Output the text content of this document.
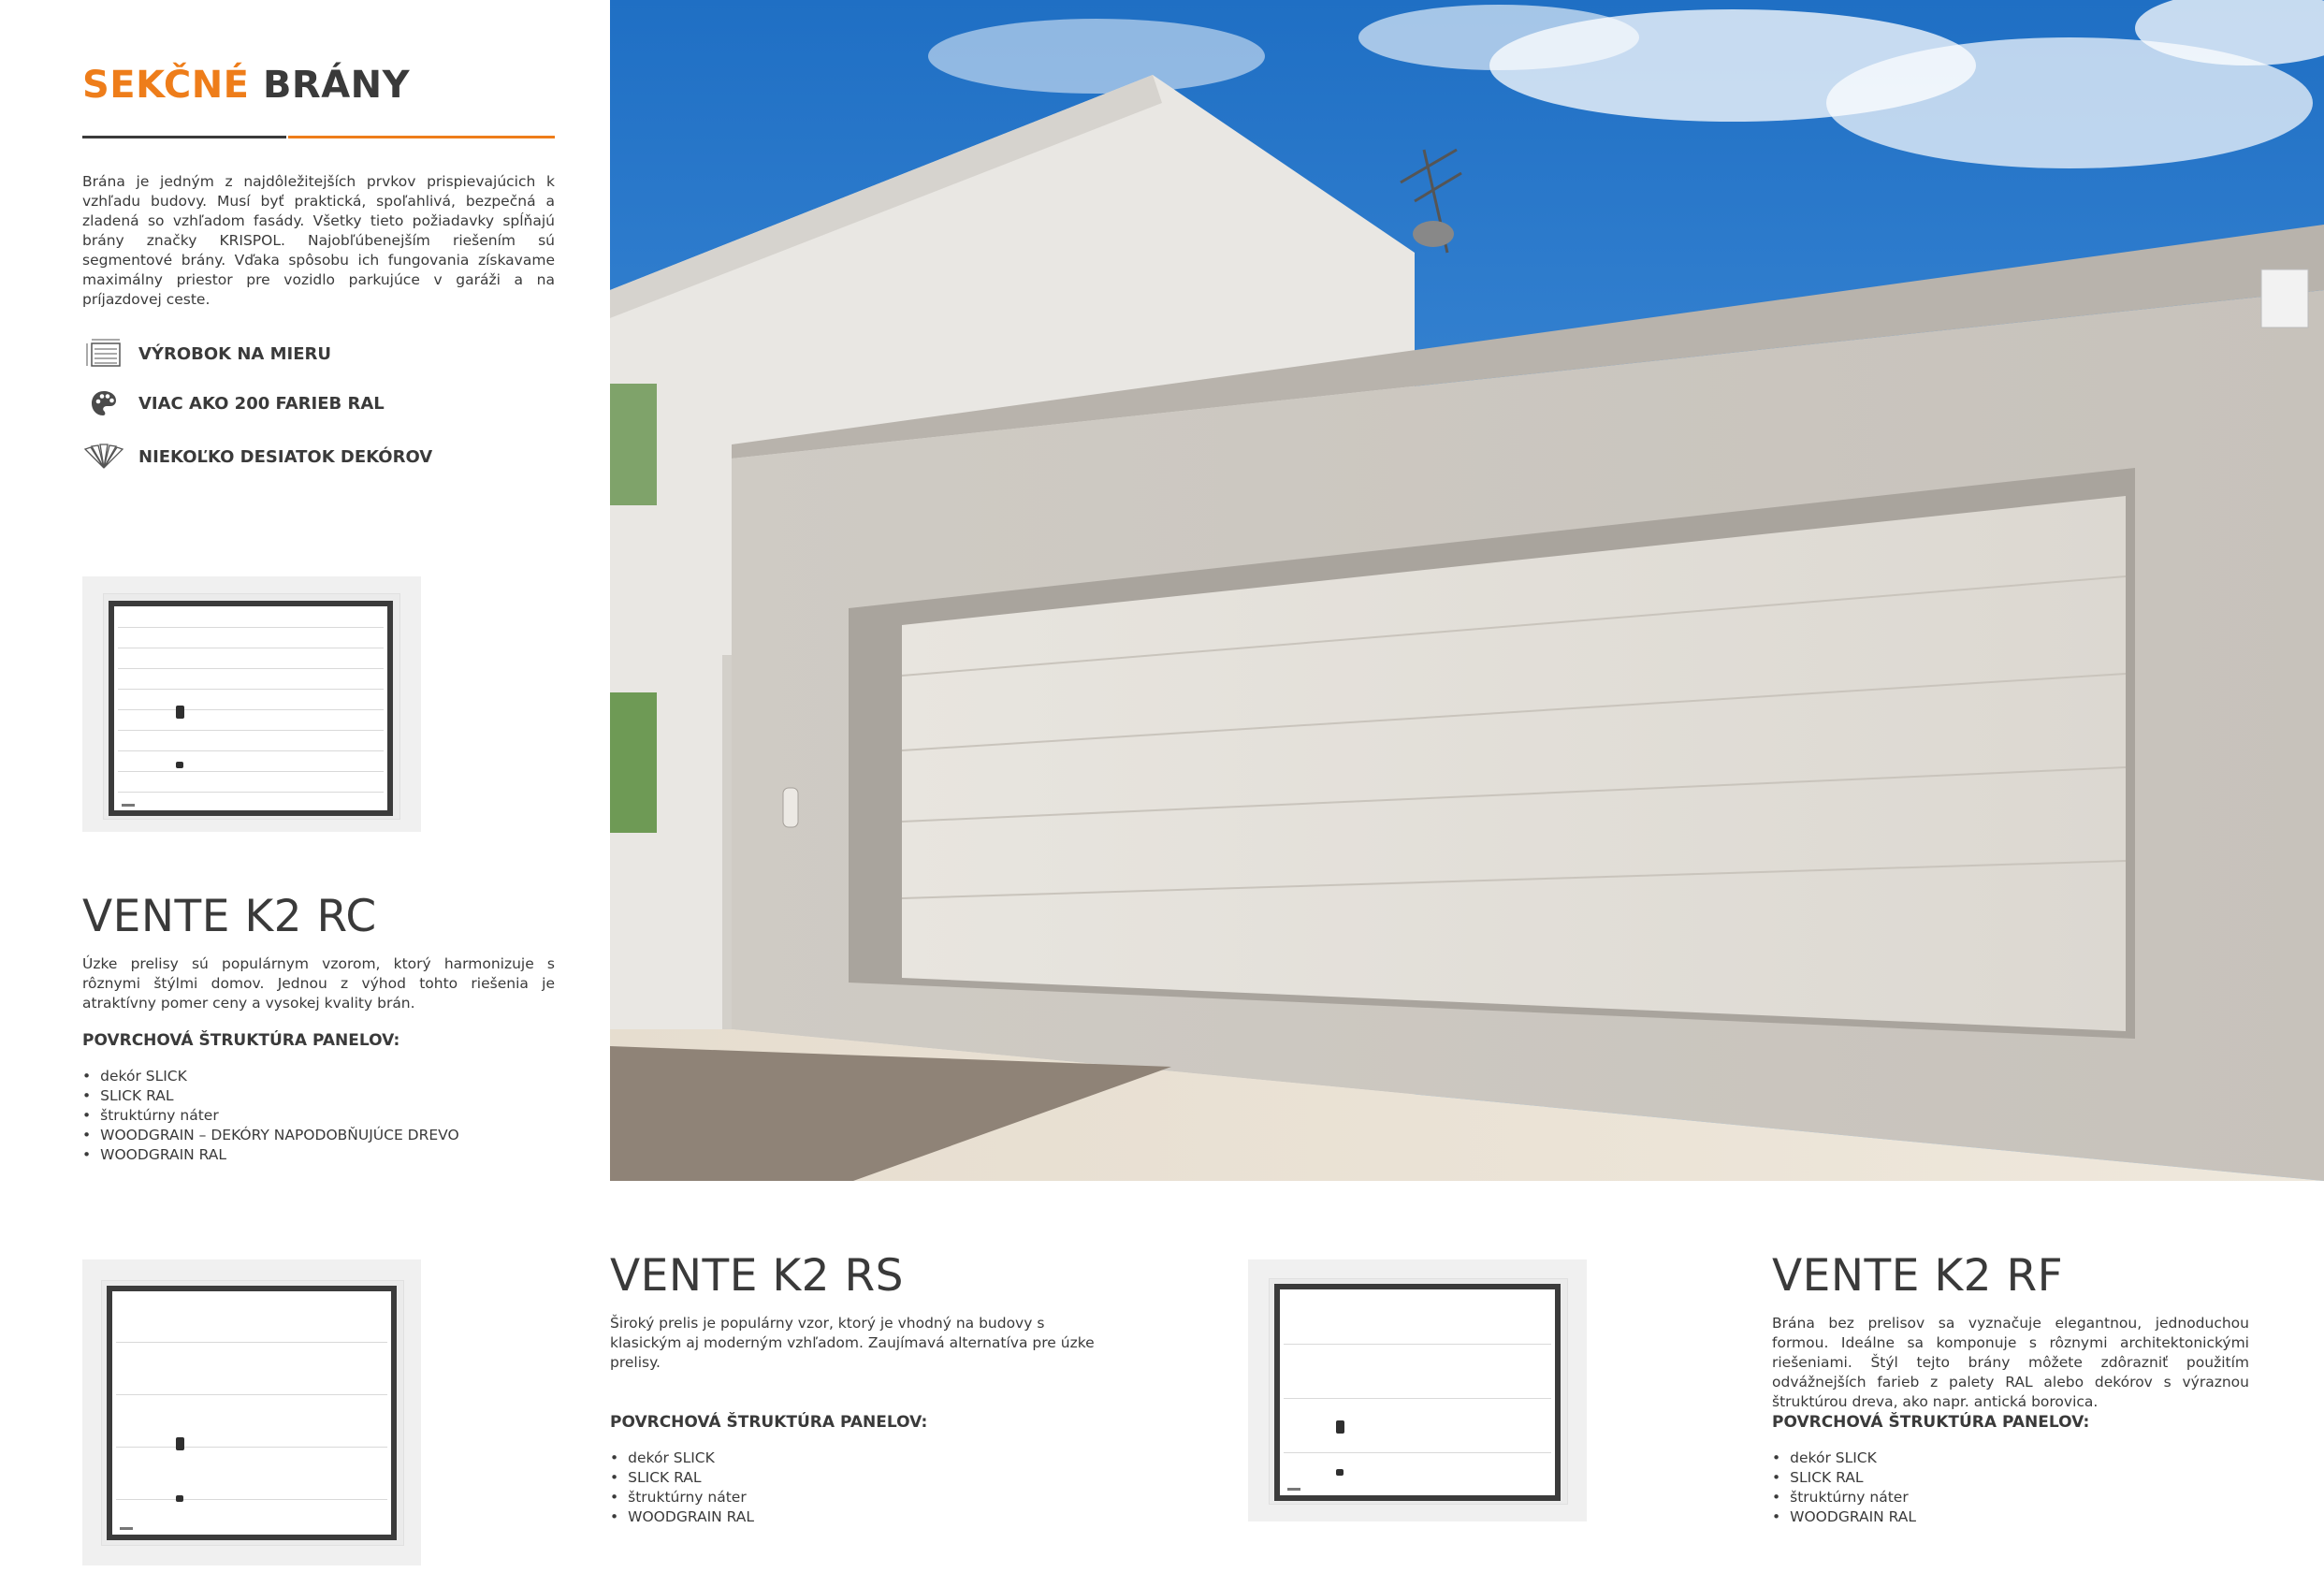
SEKČNÉ BRÁNY
Brána je jedným z najdôležitejších prvkov prispievajúcich k vzhľadu budovy. Musí byť praktická, spoľahlivá, bezpečná a zladená so vzhľadom fasády. Všetky tieto požiadavky spĺňajú brány značky KRISPOL. Najobľúbenejším riešením sú segmentové brány. Vďaka spôsobu ich fungovania získavame maximálny priestor pre vozidlo parkujúce v garáži a na príjazdovej ceste.
VÝROBOK NA MIERU
VIAC AKO 200 FARIEB RAL
NIEKOĽKO DESIATOK DEKÓROV
VENTE K2 RC
Úzke prelisy sú populárnym vzorom, ktorý harmonizuje s rôznymi štýlmi domov. Jednou z výhod tohto riešenia je atraktívny pomer ceny a vysokej kvality brán.
POVRCHOVÁ ŠTRUKTÚRA PANELOV:
• dekór SLICK
• SLICK RAL
• štruktúrny náter
• WOODGRAIN – DEKÓRY NAPODOBŇUJÚCE DREVO
• WOODGRAIN RAL
VENTE K2 RS
Široký prelis je populárny vzor, ktorý je vhodný na budovy s klasickým aj moderným vzhľadom. Zaujímavá alternatíva pre úzke prelisy.
POVRCHOVÁ ŠTRUKTÚRA PANELOV:
• dekór SLICK
• SLICK RAL
• štruktúrny náter
• WOODGRAIN RAL
VENTE K2 RF
Brána bez prelisov sa vyznačuje elegantnou, jednoduchou formou. Ideálne sa komponuje s rôznymi architektonickými riešeniami. Štýl tejto brány môžete zdôrazniť použitím odvážnejších farieb z palety RAL alebo dekórov s výraznou štruktúrou dreva, ako napr. antická borovica.
POVRCHOVÁ ŠTRUKTÚRA PANELOV:
• dekór SLICK
• SLICK RAL
• štruktúrny náter
• WOODGRAIN RAL
